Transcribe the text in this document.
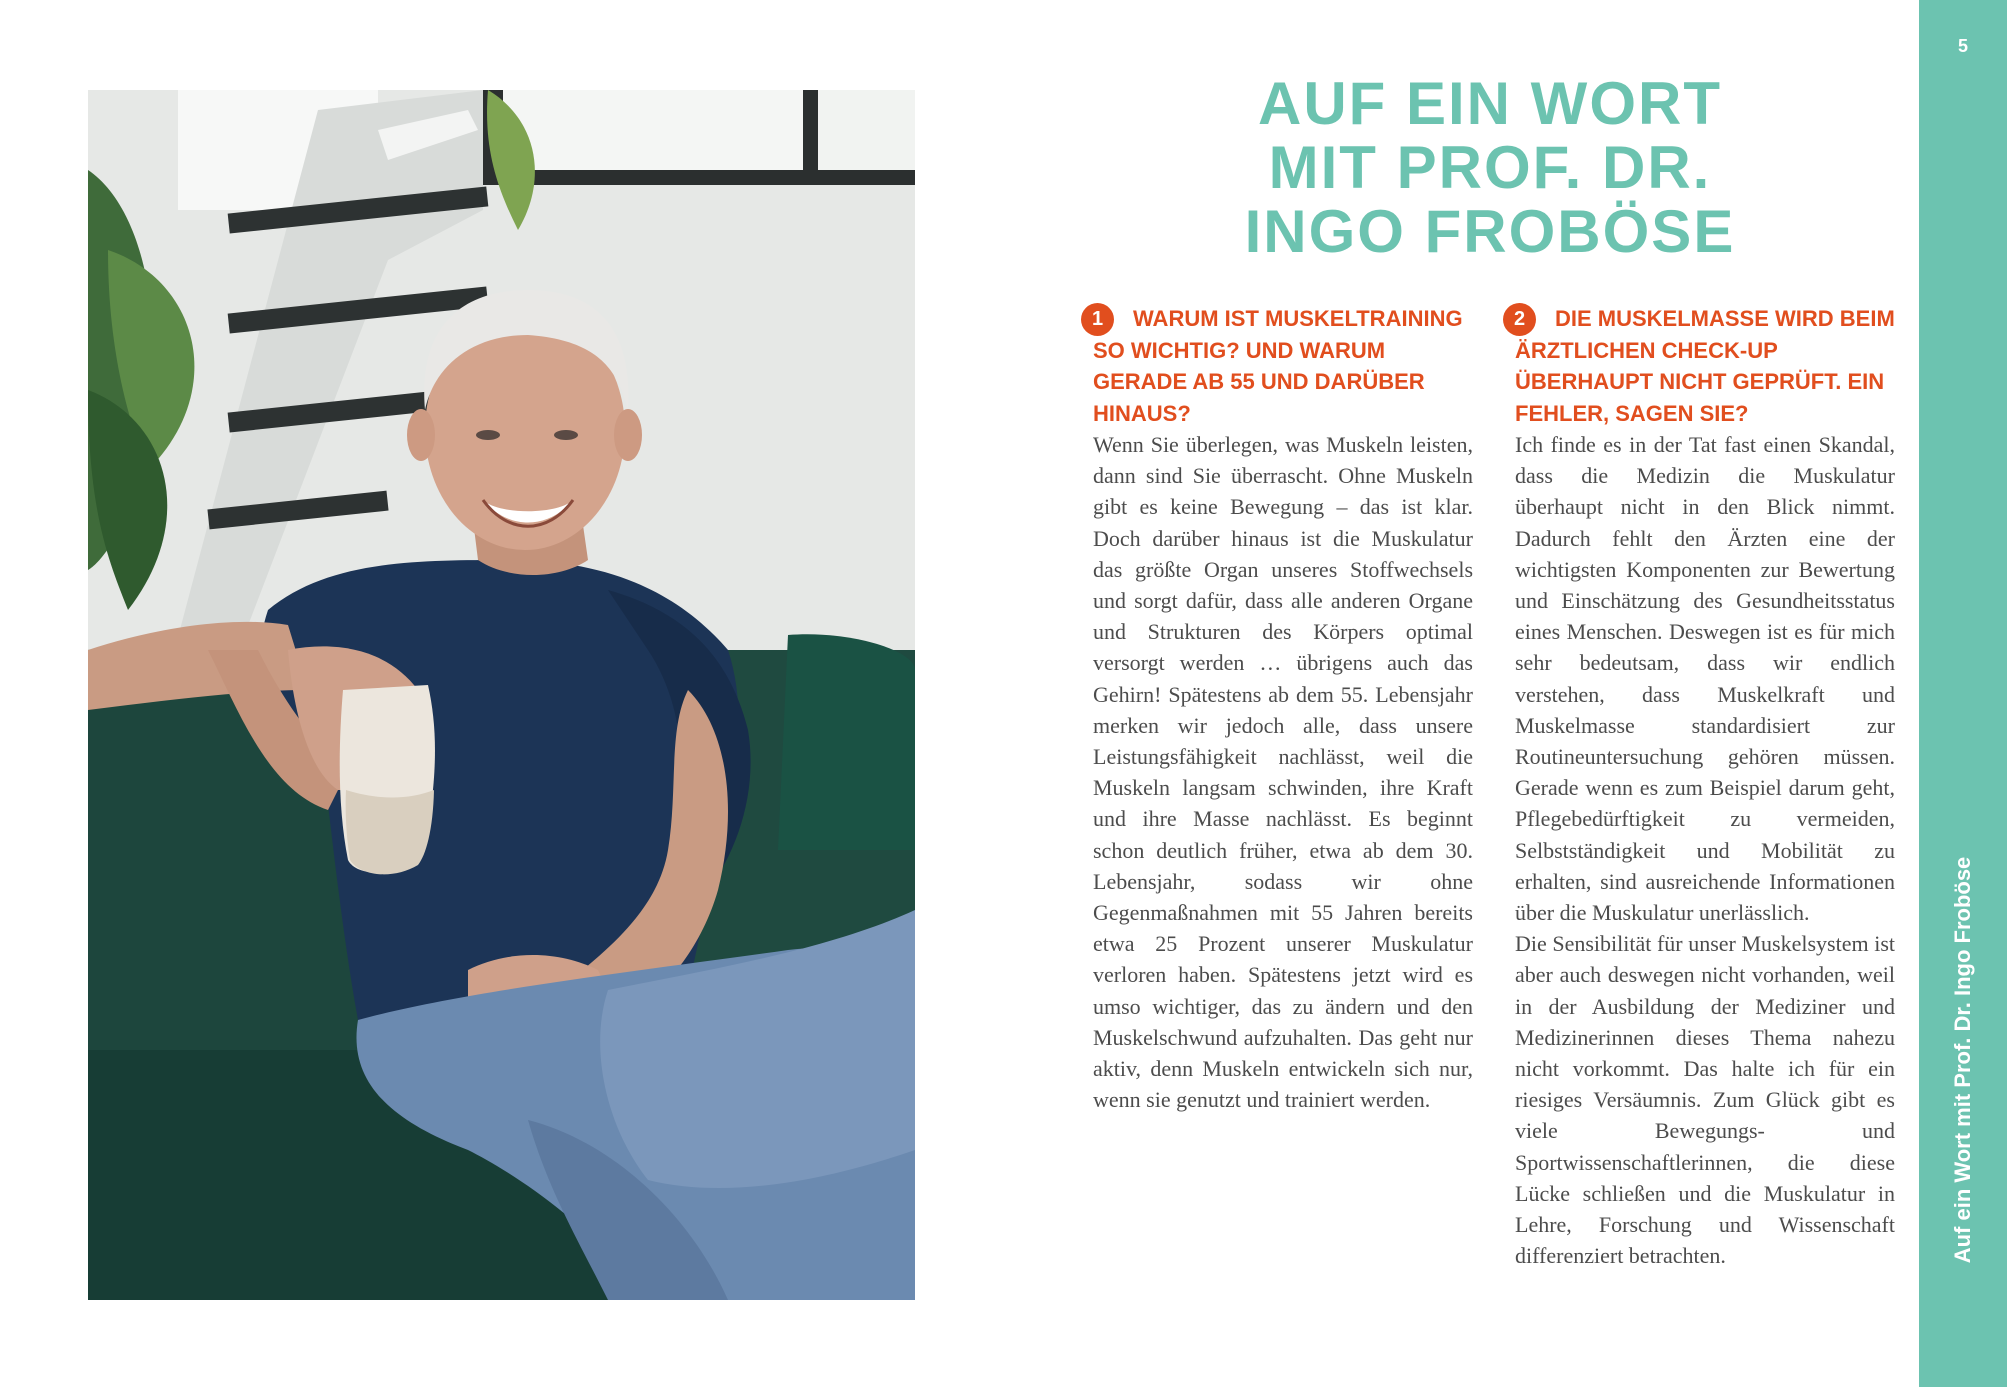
AUF EIN WORT
MIT PROF. DR.
INGO FROBÖSE

1	WARUM IST MUSKELTRAINING SO WICHTIG? UND WARUM GERADE AB 55 UND DARÜBER HINAUS?

Wenn Sie überlegen, was Muskeln leisten, dann sind Sie überrascht. Ohne Muskeln gibt es keine Bewegung – das ist klar. Doch darüber hinaus ist die Muskulatur das größte Organ unseres Stoffwechsels und sorgt dafür, dass alle anderen Organe und Strukturen des Körpers optimal versorgt werden … übrigens auch das Gehirn! Spätestens ab dem 55. Lebensjahr merken wir jedoch alle, dass unsere Leistungsfähigkeit nachlässt, weil die Muskeln langsam schwinden, ihre Kraft und ihre Masse nachlässt. Es beginnt schon deutlich früher, etwa ab dem 30. Lebensjahr, sodass wir ohne Gegenmaßnahmen mit 55 Jahren bereits etwa 25 Prozent unserer Muskulatur verloren haben. Spätestens jetzt wird es umso wichtiger, das zu ändern und den Muskelschwund aufzuhalten. Das geht nur aktiv, denn Muskeln entwickeln sich nur, wenn sie genutzt und trainiert werden.

2	DIE MUSKELMASSE WIRD BEIM ÄRZTLICHEN CHECK-UP ÜBERHAUPT NICHT GEPRÜFT. EIN FEHLER, SAGEN SIE?

Ich finde es in der Tat fast einen Skandal, dass die Medizin die Muskulatur überhaupt nicht in den Blick nimmt. Dadurch fehlt den Ärzten eine der wichtigsten Komponenten zur Bewertung und Einschätzung des Gesundheitsstatus eines Menschen. Deswegen ist es für mich sehr bedeutsam, dass wir endlich verstehen, dass Muskelkraft und Muskelmasse standardisiert zur Routineuntersuchung gehören müssen. Gerade wenn es zum Beispiel darum geht, Pflegebedürftigkeit zu vermeiden, Selbstständigkeit und Mobilität zu erhalten, sind ausreichende Informationen über die Muskulatur unerlässlich.

Die Sensibilität für unser Muskelsystem ist aber auch deswegen nicht vorhanden, weil in der Ausbildung der Mediziner und Medizinerinnen dieses Thema nahezu nicht vorkommt. Das halte ich für ein riesiges Versäumnis. Zum Glück gibt es viele Bewegungs- und Sportwissenschaftlerinnen, die diese Lücke schließen und die Muskulatur in Lehre, Forschung und Wissenschaft differenziert betrachten.

5
Auf ein Wort mit Prof. Dr. Ingo Froböse
